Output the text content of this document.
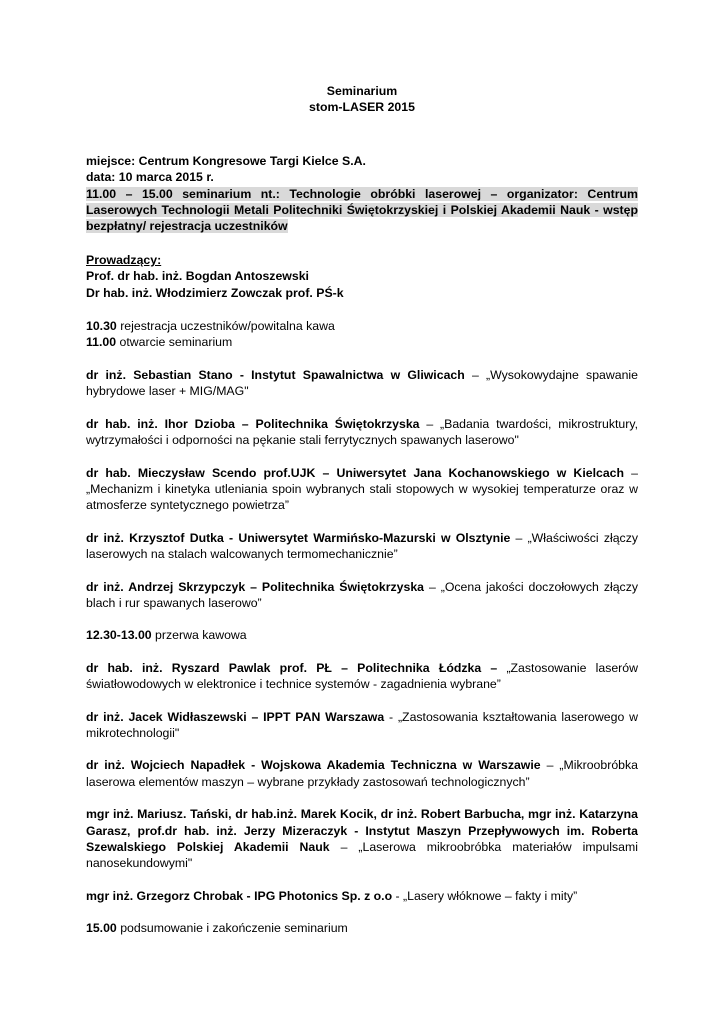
Seminarium

stom-LASER 2015

miejsce: Centrum Kongresowe Targi Kielce S.A.

data: 10 marca 2015 r.

11.00 – 15.00 seminarium nt.: Technologie obróbki laserowej – organizator: Centrum Laserowych Technologii Metali Politechniki Świętokrzyskiej i Polskiej Akademii Nauk - wstęp bezpłatny/ rejestracja uczestników

Prowadzący:

Prof. dr hab. inż. Bogdan Antoszewski

Dr hab. inż. Włodzimierz Zowczak prof. PŚ-k

10.30 rejestracja uczestników/powitalna kawa

11.00 otwarcie seminarium

dr inż. Sebastian Stano - Instytut Spawalnictwa w Gliwicach – „Wysokowydajne spawanie hybrydowe laser + MIG/MAG"

dr hab. inż. Ihor Dzioba – Politechnika Świętokrzyska – „Badania twardości, mikrostruktury, wytrzymałości i odporności na pękanie stali ferrytycznych spawanych laserowo"

dr hab. Mieczysław Scendo prof.UJK – Uniwersytet Jana Kochanowskiego w Kielcach – „Mechanizm i kinetyka utleniania spoin wybranych stali stopowych w wysokiej temperaturze oraz w atmosferze syntetycznego powietrza”

dr inż. Krzysztof Dutka - Uniwersytet Warmińsko-Mazurski w Olsztynie – „Właściwości złączy laserowych na stalach walcowanych termomechanicznie”

dr inż. Andrzej Skrzypczyk – Politechnika Świętokrzyska – „Ocena jakości doczołowych złączy blach i rur spawanych laserowo”

12.30-13.00 przerwa kawowa

dr hab. inż. Ryszard Pawlak prof. PŁ – Politechnika Łódzka – „Zastosowanie laserów światłowodowych w elektronice i technice systemów - zagadnienia wybrane”

dr inż. Jacek Widłaszewski – IPPT PAN Warszawa - „Zastosowania kształtowania laserowego w mikrotechnologii"

dr inż. Wojciech Napadłek - Wojskowa Akademia Techniczna w Warszawie – „Mikroobróbka laserowa elementów maszyn – wybrane przykłady zastosowań technologicznych”

mgr inż. Mariusz. Tański, dr hab.inż. Marek Kocik, dr inż. Robert Barbucha, mgr inż. Katarzyna Garasz, prof.dr hab. inż. Jerzy Mizeraczyk - Instytut Maszyn Przepływowych im. Roberta Szewalskiego Polskiej Akademii Nauk – „Laserowa mikroobróbka materiałów impulsami nanosekundowymi"

mgr inż. Grzegorz Chrobak - IPG Photonics Sp. z o.o - „Lasery włóknowe – fakty i mity”

15.00 podsumowanie i zakończenie seminarium
